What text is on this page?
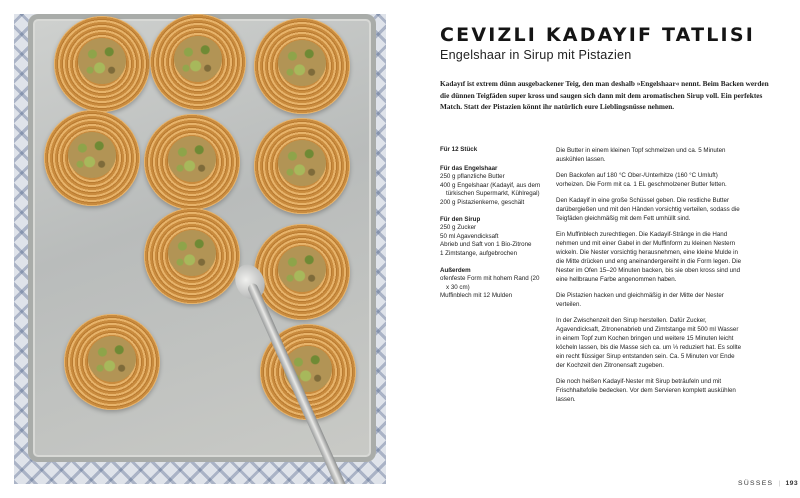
CEVIZLI KADAYIF TATLISI
Engelshaar in Sirup mit Pistazien

Kadayıf ist extrem dünn ausgebackener Teig, den man deshalb »Engelshaar« nennt. Beim Backen werden die dünnen Teigfäden super kross und saugen sich dann mit dem aromatischen Sirup voll. Ein perfektes Match. Statt der Pistazien könnt ihr natürlich eure Lieblingsnüsse nehmen.

Für 12 Stück
Für das Engelshaar
250 g pflanzliche Butter
400 g Engelshaar (Kadayif, aus dem türkischen Supermarkt, Kühlregal)
200 g Pistazienkerne, geschält
Für den Sirup
250 g Zucker
50 ml Agavendicksaft
Abrieb und Saft von 1 Bio-Zitrone
1 Zimtstange, aufgebrochen
Außerdem
ofenfeste Form mit hohem Rand (20 x 30 cm)
Muffinblech mit 12 Mulden

Die Butter in einem kleinen Topf schmelzen und ca. 5 Minuten auskühlen lassen.

Den Backofen auf 180 °C Ober-/Unterhitze (160 °C Umluft) vorheizen. Die Form mit ca. 1 EL geschmolzener Butter fetten.

Den Kadayif in eine große Schüssel geben. Die restliche Butter darübergießen und mit den Händen vorsichtig verteilen, sodass die Teigfäden gleichmäßig mit dem Fett umhüllt sind.

Ein Muffinblech zurechtlegen. Die Kadayif-Stränge in die Hand nehmen und mit einer Gabel in der Muffinform zu kleinen Nestern wickeln. Die Nester vorsichtig herausnehmen, eine kleine Mulde in die Mitte drücken und eng aneinandergereiht in die Form legen. Die Nester im Ofen 15–20 Minuten backen, bis sie oben kross sind und eine hellbraune Farbe angenommen haben.

Die Pistazien hacken und gleichmäßig in der Mitte der Nester verteilen.

In der Zwischenzeit den Sirup herstellen. Dafür Zucker, Agavendicksaft, Zitronenabrieb und Zimtstange mit 500 ml Wasser in einem Topf zum Kochen bringen und weitere 15 Minuten leicht köcheln lassen, bis die Masse sich ca. um ⅓ reduziert hat. Es sollte ein recht flüssiger Sirup entstanden sein. Ca. 5 Minuten vor Ende der Kochzeit den Zitronensaft zugeben.

Die noch heißen Kadayif-Nester mit Sirup beträufeln und mit Frischhaltefolie bedecken. Vor dem Servieren komplett auskühlen lassen.

SÜSSES | 193
